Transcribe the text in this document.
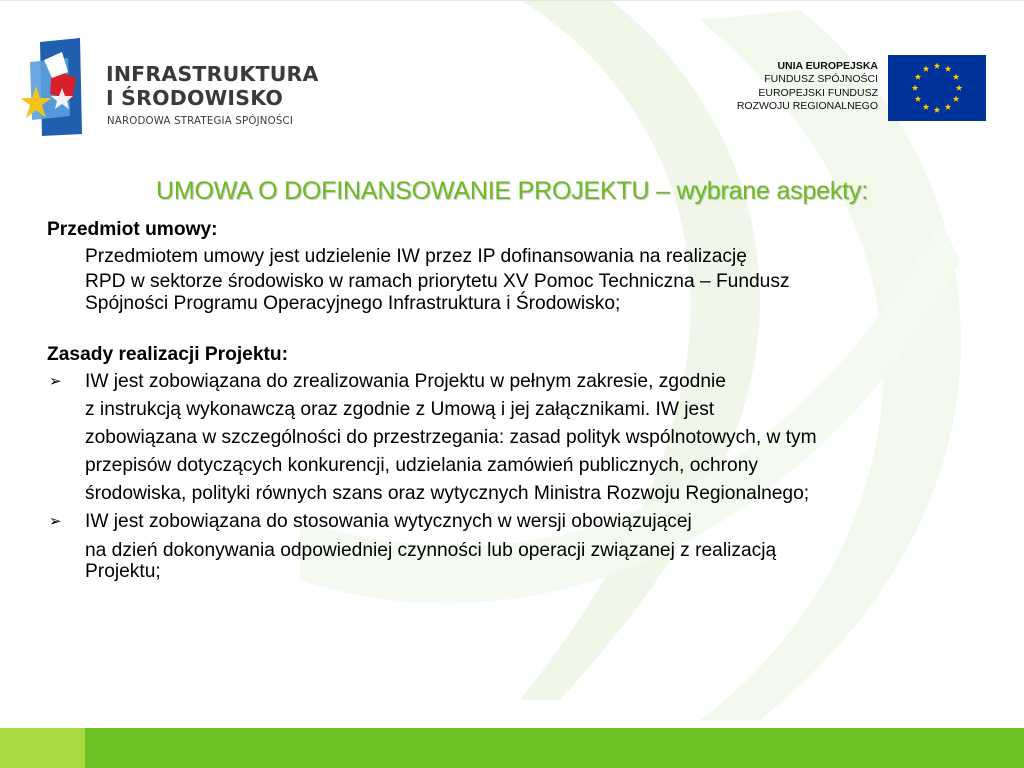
INFRASTRUKTURA
I ŚRODOWISKO
NARODOWA STRATEGIA SPÓJNOŚCI
UNIA EUROPEJSKA
FUNDUSZ SPÓJNOŚCI
EUROPEJSKI FUNDUSZ
ROZWOJU REGIONALNEGO
UMOWA O DOFINANSOWANIE PROJEKTU – wybrane aspekty:
Przedmiot umowy:
Przedmiotem umowy jest udzielenie IW przez IP dofinansowania na realizację
RPD w sektorze środowisko w ramach priorytetu XV Pomoc Techniczna – Fundusz
Spójności Programu Operacyjnego Infrastruktura i Środowisko;
Zasady realizacji Projektu:
➢ IW jest zobowiązana do zrealizowania Projektu w pełnym zakresie, zgodnie
z instrukcją wykonawczą oraz zgodnie z Umową i jej załącznikami. IW jest
zobowiązana w szczególności do przestrzegania: zasad polityk wspólnotowych, w tym
przepisów dotyczących konkurencji, udzielania zamówień publicznych, ochrony
środowiska, polityki równych szans oraz wytycznych Ministra Rozwoju Regionalnego;
➢ IW jest zobowiązana do stosowania wytycznych w wersji obowiązującej
na dzień dokonywania odpowiedniej czynności lub operacji związanej z realizacją
Projektu;
